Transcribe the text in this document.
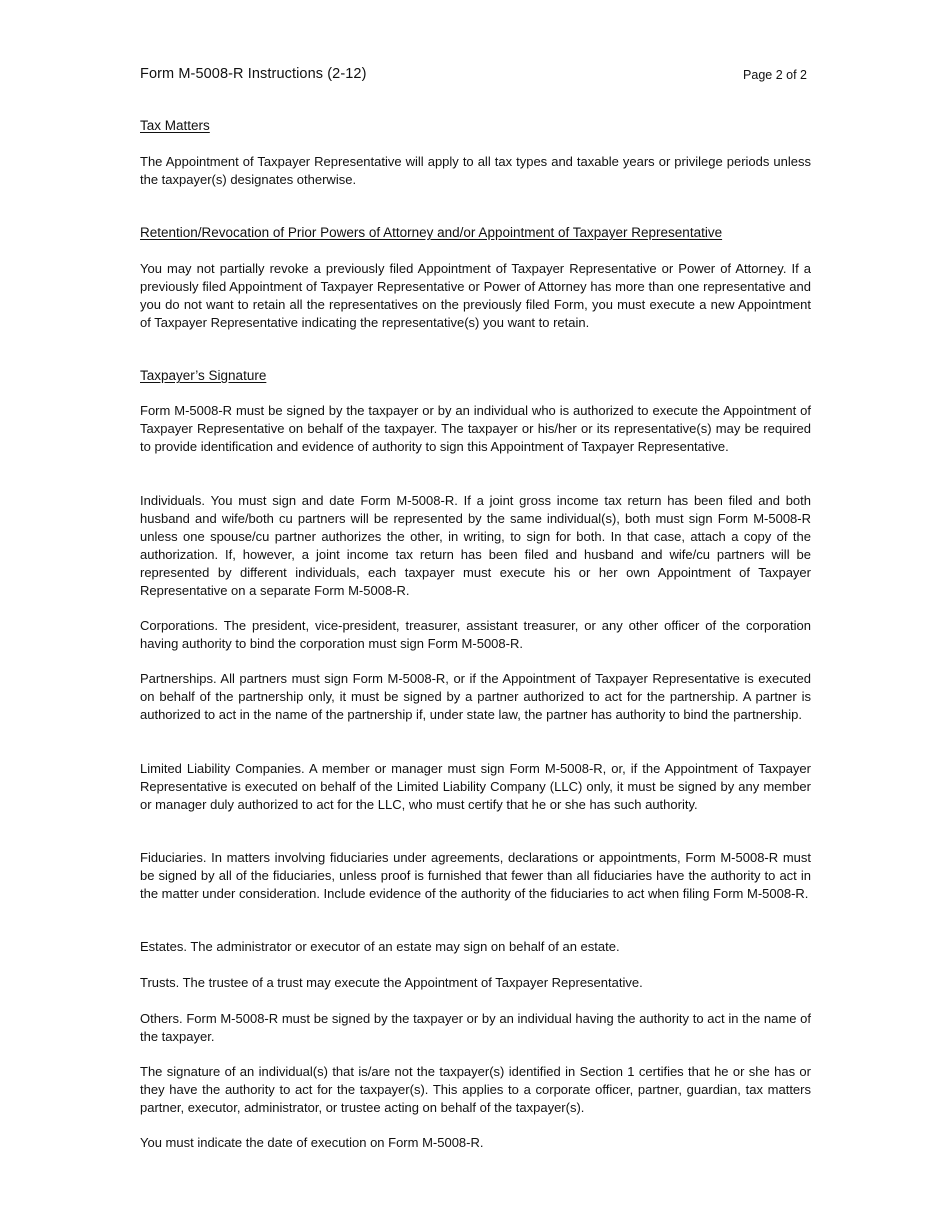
Form M-5008-R Instructions (2-12)	Page 2 of 2

Tax Matters

The Appointment of Taxpayer Representative will apply to all tax types and taxable years or privilege periods unless the taxpayer(s) designates otherwise.

Retention/Revocation of Prior Powers of Attorney and/or Appointment of Taxpayer Representative

You may not partially revoke a previously filed Appointment of Taxpayer Representative or Power of Attorney. If a previously filed Appointment of Taxpayer Representative or Power of Attorney has more than one representative and you do not want to retain all the representatives on the previously filed Form, you must execute a new Appointment of Taxpayer Representative indicating the representative(s) you want to retain.

Taxpayer’s Signature

Form M-5008-R must be signed by the taxpayer or by an individual who is authorized to execute the Appointment of Taxpayer Representative on behalf of the taxpayer. The taxpayer or his/her or its representative(s) may be required to provide identification and evidence of authority to sign this Appointment of Taxpayer Representative.

Individuals. You must sign and date Form M-5008-R. If a joint gross income tax return has been filed and both husband and wife/both cu partners will be represented by the same individual(s), both must sign Form M-5008-R unless one spouse/cu partner authorizes the other, in writing, to sign for both. In that case, attach a copy of the authorization. If, however, a joint income tax return has been filed and husband and wife/cu partners will be represented by different individuals, each taxpayer must execute his or her own Appointment of Taxpayer Representative on a separate Form M-5008-R.

Corporations. The president, vice-president, treasurer, assistant treasurer, or any other officer of the corporation having authority to bind the corporation must sign Form M-5008-R.

Partnerships. All partners must sign Form M-5008-R, or if the Appointment of Taxpayer Representative is executed on behalf of the partnership only, it must be signed by a partner authorized to act for the partnership. A partner is authorized to act in the name of the partnership if, under state law, the partner has authority to bind the partnership.

Limited Liability Companies. A member or manager must sign Form M-5008-R, or, if the Appointment of Taxpayer Representative is executed on behalf of the Limited Liability Company (LLC) only, it must be signed by any member or manager duly authorized to act for the LLC, who must certify that he or she has such authority.

Fiduciaries. In matters involving fiduciaries under agreements, declarations or appointments, Form M-5008-R must be signed by all of the fiduciaries, unless proof is furnished that fewer than all fiduciaries have the authority to act in the matter under consideration. Include evidence of the authority of the fiduciaries to act when filing Form M-5008-R.

Estates. The administrator or executor of an estate may sign on behalf of an estate.

Trusts. The trustee of a trust may execute the Appointment of Taxpayer Representative.

Others. Form M-5008-R must be signed by the taxpayer or by an individual having the authority to act in the name of the taxpayer.

The signature of an individual(s) that is/are not the taxpayer(s) identified in Section 1 certifies that he or she has or they have the authority to act for the taxpayer(s). This applies to a corporate officer, partner, guardian, tax matters partner, executor, administrator, or trustee acting on behalf of the taxpayer(s).

You must indicate the date of execution on Form M-5008-R.
